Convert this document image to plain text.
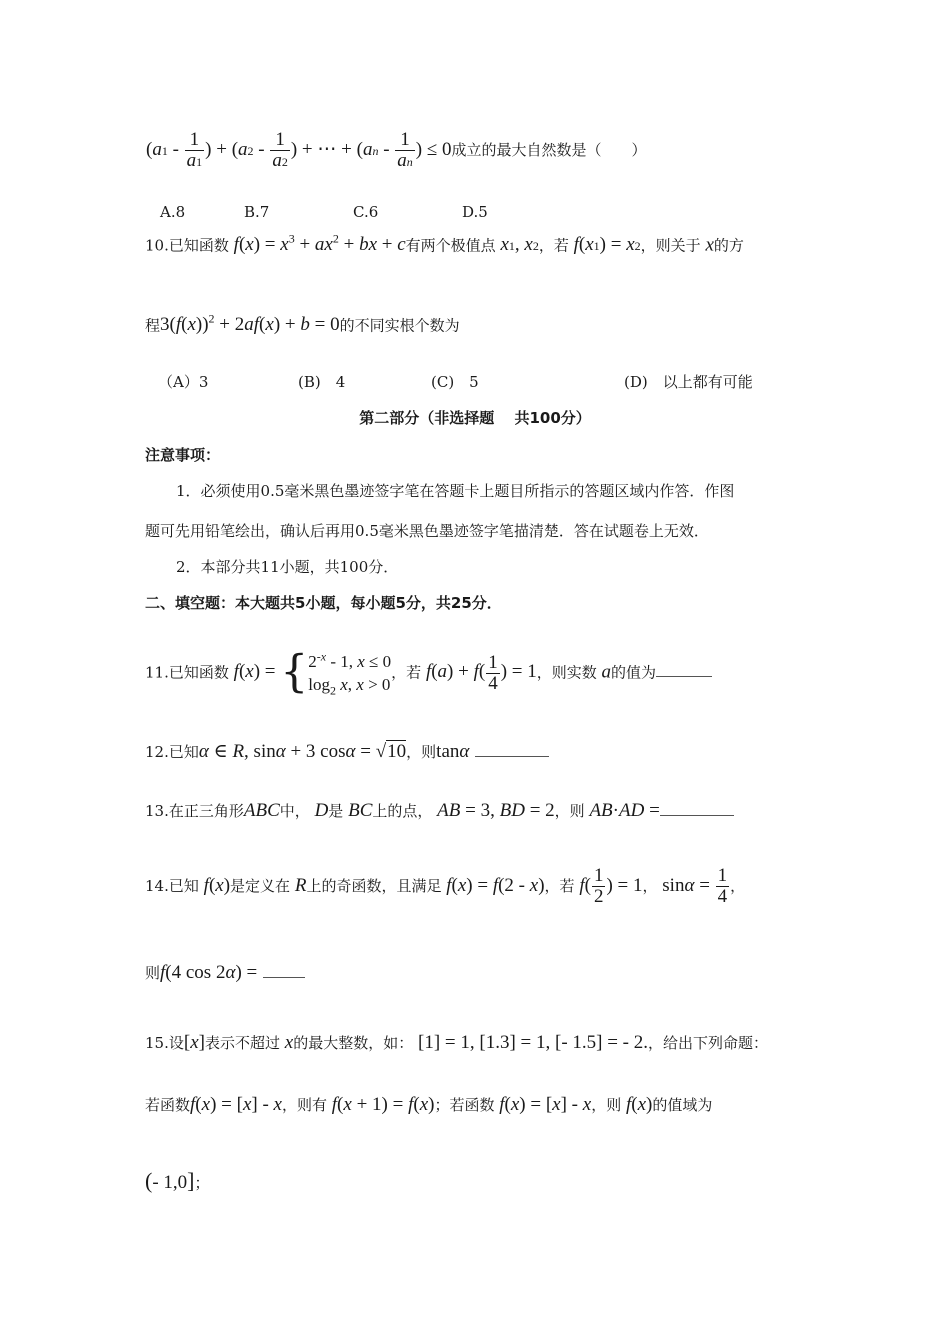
($a1 - \frac{1}{a1}$ ) + ($a2 - \frac{1}{a2}$ ) + ⋯ + ($an - \frac{1}{an}$ ) ≤ 0成立的最大自然数是（　　）
A.8	B.7	C.6	D.5
10.已知函数 $f(x) = x^3 + ax^2$ + bx + c有两个极值点 x1, x2，若 f(x1) = x2，则关于 x的方
程$3(f(x))^2 + 2af(x) + b = 0$的不同实根个数为
（A）3	(B)　4	(C)　5	(D)　以上都有可能
第二部分（非选择题　 共100分）
注意事项：
1．必须使用0.5毫米黑色墨迹签字笔在答题卡上题目所指示的答题区域内作答．作图
题可先用铅笔绘出，确认后再用0.5毫米黑色墨迹签字笔描清楚．答在试题卷上无效．
2．本部分共11小题，共100分．
二、填空题：本大题共5小题，每小题5分，共25分．
11.已知函数 $f(x) = \{2^{-x} - 1$, x ≤ 0
$\log_2 x$, x > 0，若 $f(a) + f( \frac{1}{4}$ ) = 1，则实数 a的值为
12.已知α ∈ R, sinα + 3 cosα = √10，则tanα
13.在正三角形ABC中， D是 BC上的点， AB = 3, BD = 2，则 AB·AD =
14.已知 f(x)是定义在 R上的奇函数，且满足 f(x) = f(2 - x)，若 $f( \frac{1}{2}$ ) = 1， $\sin\alpha = \frac{1}{4}$ ，
则f(4 cos 2α) =
15.设[x]表示不超过 x的最大整数，如： [1] = 1, [1.3] = 1, [- 1.5] = - 2.，给出下列命题：
若函数f(x) = [x] - x，则有 f(x + 1) = f(x)；若函数 f(x) = [x] - x，则 f(x)的值域为
(- 1,0]；
